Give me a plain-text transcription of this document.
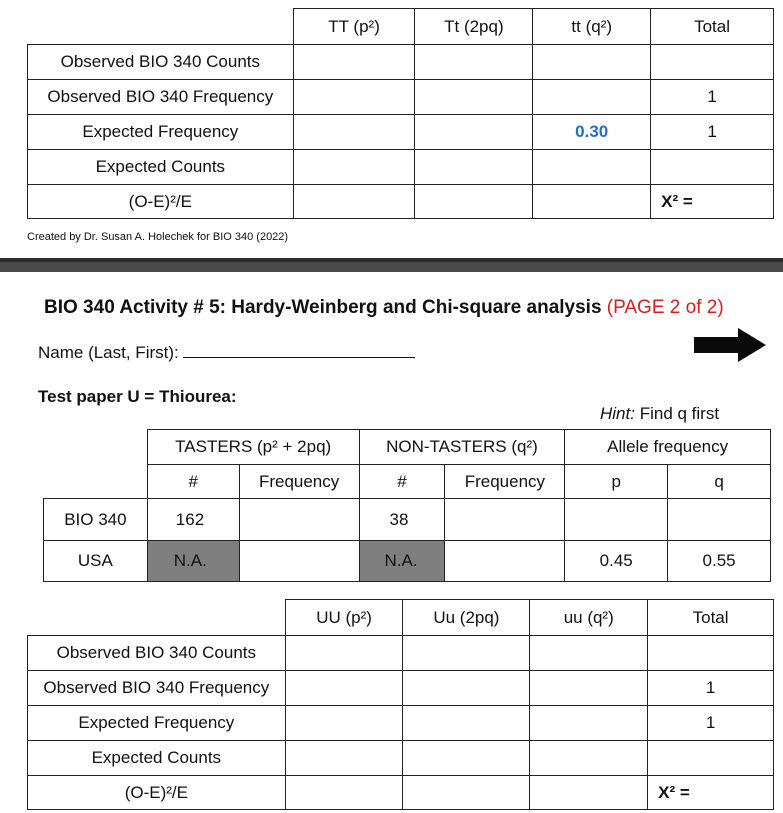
	TT (p²)	Tt (2pq)	tt (q²)	Total
Observed BIO 340 Counts				
Observed BIO 340 Frequency				1
Expected Frequency			0.30	1
Expected Counts				
(O-E)²/E				X² =
Created by Dr. Susan A. Holechek for BIO 340 (2022)
BIO 340 Activity # 5: Hardy-Weinberg and Chi-square analysis (PAGE 2 of 2)
Name (Last, First):
Test paper U = Thiourea:
Hint: Find q first
	TASTERS (p² + 2pq)		NON-TASTERS (q²)		Allele frequency	
	#	Frequency	#	Frequency	p	q
BIO 340	162		38			
USA	N.A.		N.A.		0.45	0.55
	UU (p²)	Uu (2pq)	uu (q²)	Total
Observed BIO 340 Counts				
Observed BIO 340 Frequency				1
Expected Frequency				1
Expected Counts				
(O-E)²/E				X² =
